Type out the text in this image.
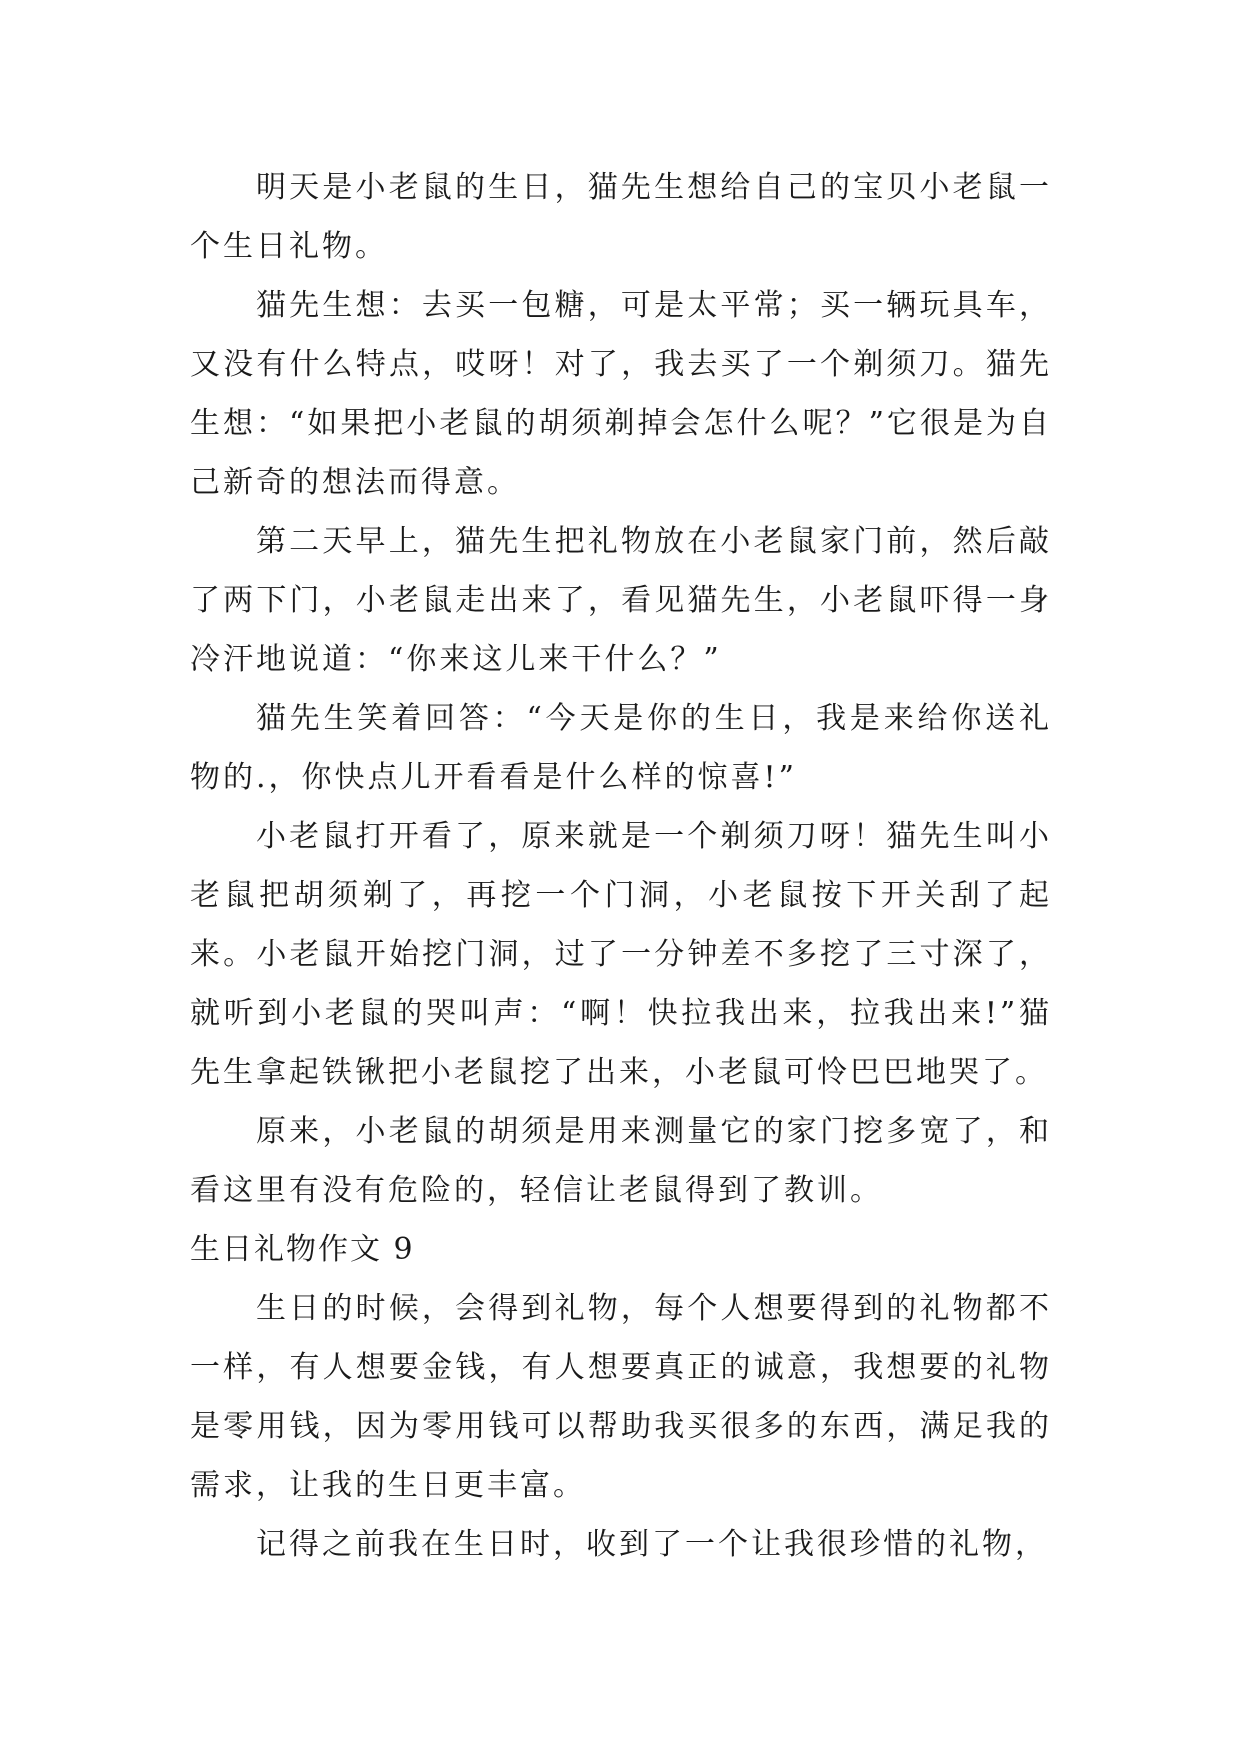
明天是小老鼠的生日，猫先生想给自己的宝贝小老鼠一个生日礼物。

猫先生想：去买一包糖，可是太平常；买一辆玩具车，又没有什么特点，哎呀！对了，我去买了一个剃须刀。猫先生想：“如果把小老鼠的胡须剃掉会怎什么呢？”它很是为自己新奇的想法而得意。

第二天早上，猫先生把礼物放在小老鼠家门前，然后敲了两下门，小老鼠走出来了，看见猫先生，小老鼠吓得一身冷汗地说道：“你来这儿来干什么？”

猫先生笑着回答：“今天是你的生日，我是来给你送礼物的.，你快点儿开看看是什么样的惊喜!”

小老鼠打开看了，原来就是一个剃须刀呀！猫先生叫小老鼠把胡须剃了，再挖一个门洞，小老鼠按下开关刮了起来。小老鼠开始挖门洞，过了一分钟差不多挖了三寸深了，就听到小老鼠的哭叫声：“啊！快拉我出来，拉我出来!”猫先生拿起铁锹把小老鼠挖了出来，小老鼠可怜巴巴地哭了。

原来，小老鼠的胡须是用来测量它的家门挖多宽了，和看这里有没有危险的，轻信让老鼠得到了教训。

生日礼物作文 9

生日的时候，会得到礼物，每个人想要得到的礼物都不一样，有人想要金钱，有人想要真正的诚意，我想要的礼物是零用钱，因为零用钱可以帮助我买很多的东西，满足我的需求，让我的生日更丰富。

记得之前我在生日时，收到了一个让我很珍惜的礼物，
